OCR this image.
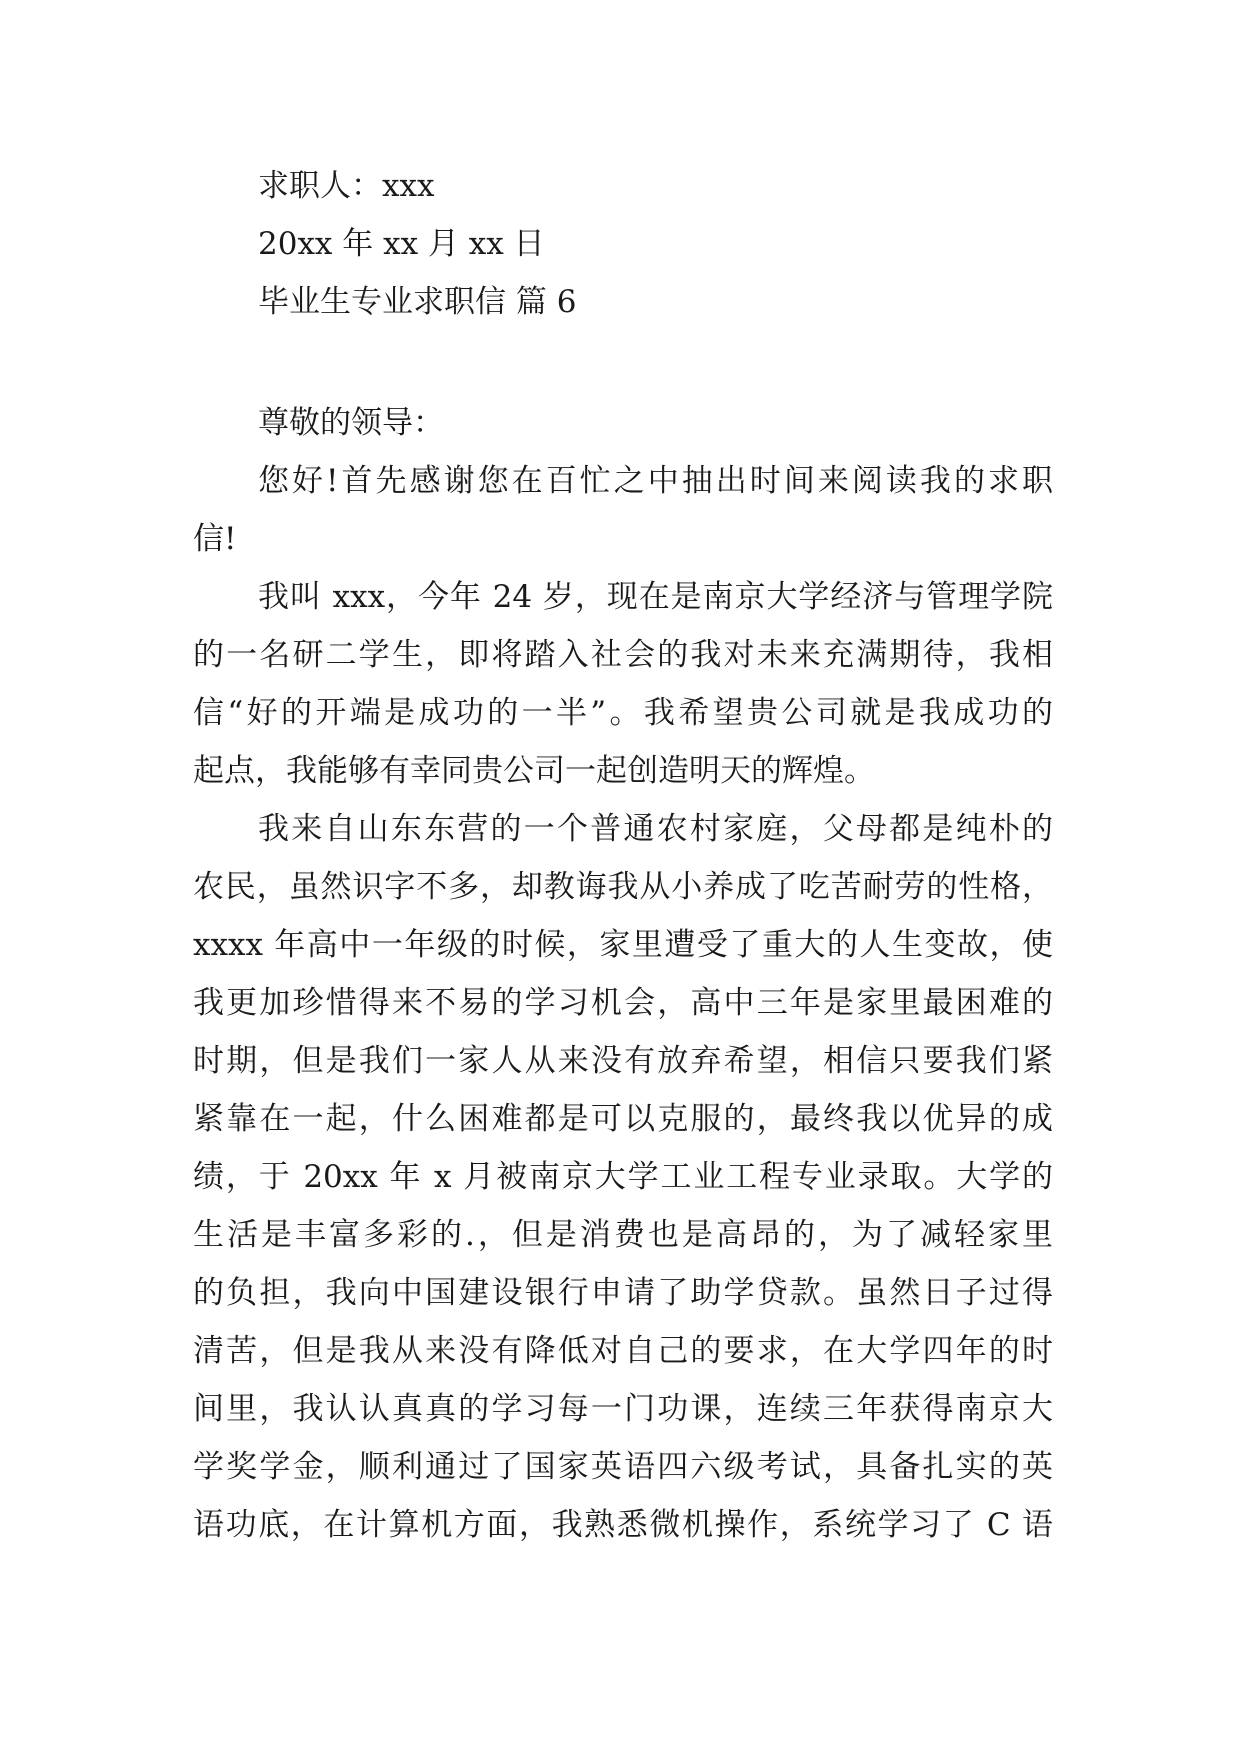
求职人：xxx

20xx 年 xx 月 xx 日

毕业生专业求职信 篇 6

尊敬的领导：

您好!首先感谢您在百忙之中抽出时间来阅读我的求职

信!

我叫 xxx，今年 24 岁，现在是南京大学经济与管理学院

的一名研二学生，即将踏入社会的我对未来充满期待，我相

信“好的开端是成功的一半”。我希望贵公司就是我成功的

起点，我能够有幸同贵公司一起创造明天的辉煌。

我来自山东东营的一个普通农村家庭，父母都是纯朴的

农民，虽然识字不多，却教诲我从小养成了吃苦耐劳的性格，

xxxx 年高中一年级的时候，家里遭受了重大的人生变故，使

我更加珍惜得来不易的学习机会，高中三年是家里最困难的

时期，但是我们一家人从来没有放弃希望，相信只要我们紧

紧靠在一起，什么困难都是可以克服的，最终我以优异的成

绩，于 20xx 年 x 月被南京大学工业工程专业录取。大学的

生活是丰富多彩的.，但是消费也是高昂的，为了减轻家里

的负担，我向中国建设银行申请了助学贷款。虽然日子过得

清苦，但是我从来没有降低对自己的要求，在大学四年的时

间里，我认认真真的学习每一门功课，连续三年获得南京大

学奖学金，顺利通过了国家英语四六级考试，具备扎实的英

语功底，在计算机方面，我熟悉微机操作，系统学习了 C 语
